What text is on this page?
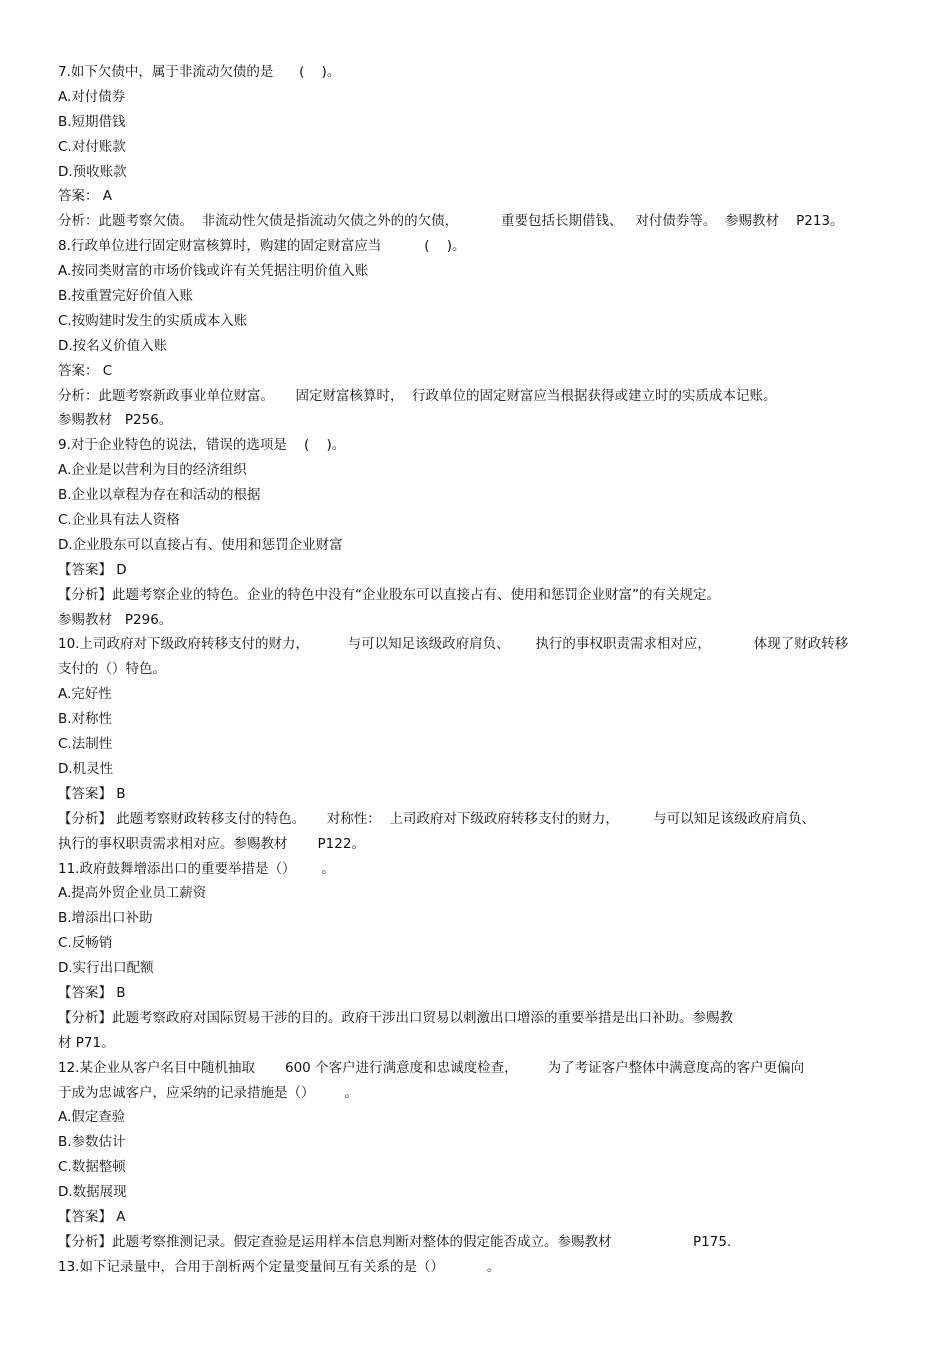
7.如下欠债中，属于非流动欠债的是      (    )。
A.对付债券
B.短期借钱
C.对付账款
D.预收账款
答案： A
分析：此题考察欠债。  非流动性欠债是指流动欠债之外的的欠债，          重要包括长期借钱、   对付债券等。  参赐教材    P213。
8.行政单位进行固定财富核算时，购建的固定财富应当          (    )。
A.按同类财富的市场价钱或许有关凭据注明价值入账
B.按重置完好价值入账
C.按购建时发生的实质成本入账
D.按名义价值入账
答案： C
分析：此题考察新政事业单位财富。     固定财富核算时，  行政单位的固定财富应当根据获得或建立时的实质成本记账。
参赐教材   P256。
9.对于企业特色的说法，错误的选项是    (    )。
A.企业是以营利为目的经济组织
B.企业以章程为存在和活动的根据
C.企业具有法人资格
D.企业股东可以直接占有、使用和惩罚企业财富
【答案】 D
【分析】此题考察企业的特色。企业的特色中没有“企业股东可以直接占有、使用和惩罚企业财富”的有关规定。
参赐教材   P296。
10.上司政府对下级政府转移支付的财力，         与可以知足该级政府肩负、      执行的事权职责需求相对应，          体现了财政转移
支付的（）特色。
A.完好性
B.对称性
C.法制性
D.机灵性
【答案】 B
【分析】 此题考察财政转移支付的特色。     对称性：  上司政府对下级政府转移支付的财力，        与可以知足该级政府肩负、
执行的事权职责需求相对应。参赐教材       P122。
11.政府鼓舞增添出口的重要举措是（）      。
A.提高外贸企业员工薪资
B.增添出口补助
C.反畅销
D.实行出口配额
【答案】 B
【分析】此题考察政府对国际贸易干涉的目的。政府干涉出口贸易以刺激出口增添的重要举措是出口补助。参赐教
材 P71。
12.某企业从客户名目中随机抽取       600 个客户进行满意度和忠诚度检查，       为了考证客户整体中满意度高的客户更偏向
于成为忠诚客户，应采纳的记录措施是（）       。
A.假定查验
B.参数估计
C.数据整顿
D.数据展现
【答案】 A
【分析】此题考察推测记录。假定查验是运用样本信息判断对整体的假定能否成立。参赐教材                   P175.
13.如下记录量中，合用于剖析两个定量变量间互有关系的是（）          。
